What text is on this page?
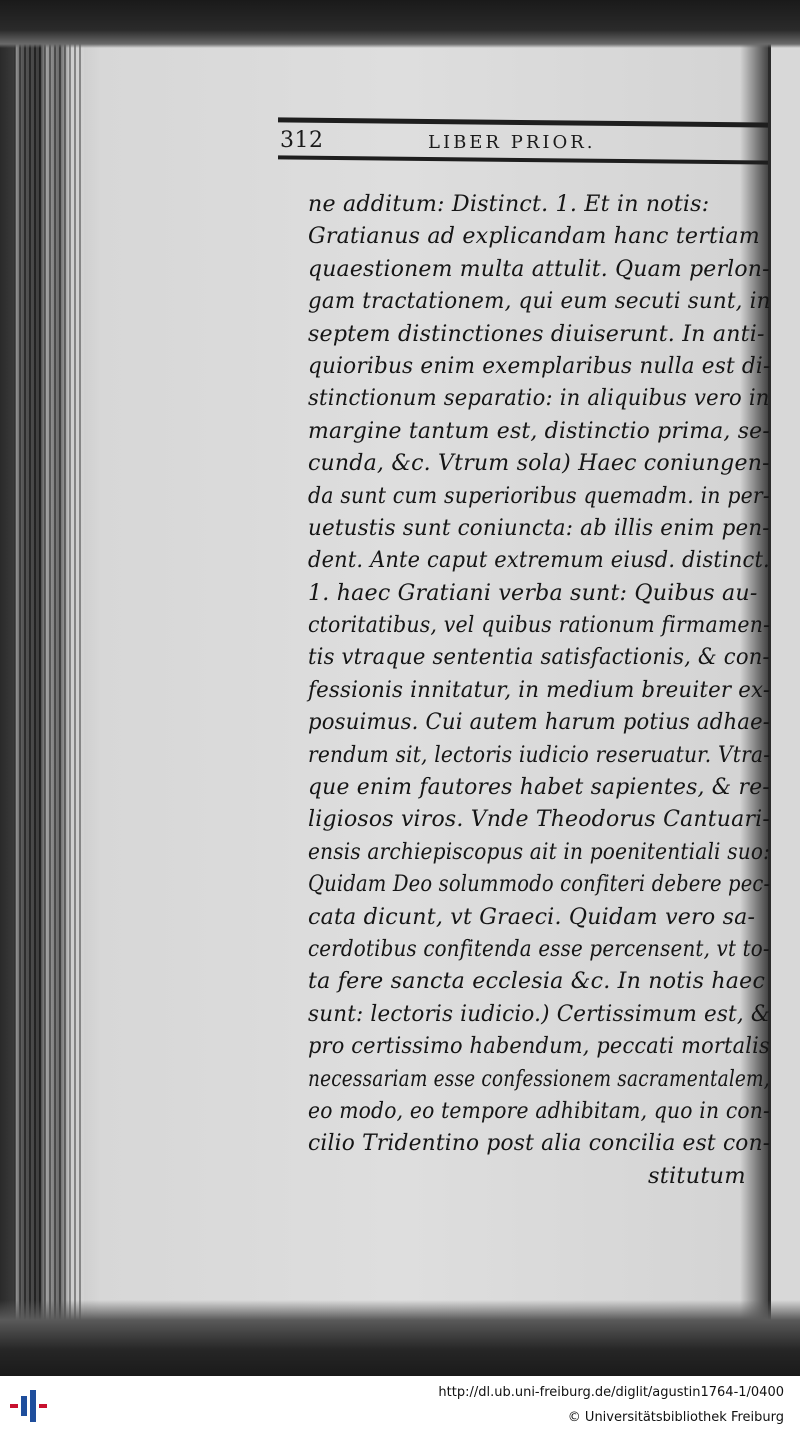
312	LIBER PRIOR.
ne additum: Distinct. 1. Et in notis:
Gratianus ad explicandam hanc tertiam
quaestionem multa attulit. Quam perlon-
gam tractationem, qui eum secuti sunt, in
septem distinctiones diuiserunt. In anti-
quioribus enim exemplaribus nulla est di-
stinctionum separatio: in aliquibus vero in
margine tantum est, distinctio prima, se-
cunda, &c. Vtrum sola) Haec coniungen-
da sunt cum superioribus quemadm. in per-
uetustis sunt coniuncta: ab illis enim pen-
dent. Ante caput extremum eiusd. distinct.
1. haec Gratiani verba sunt: Quibus au-
ctoritatibus, vel quibus rationum firmamen-
tis vtraque sententia satisfactionis, & con-
fessionis innitatur, in medium breuiter ex-
posuimus. Cui autem harum potius adhae-
rendum sit, lectoris iudicio reseruatur. Vtra-
que enim fautores habet sapientes, & re-
ligiosos viros. Vnde Theodorus Cantuari-
ensis archiepiscopus ait in poenitentiali suo:
Quidam Deo solummodo confiteri debere pec-
cata dicunt, vt Graeci. Quidam vero sa-
cerdotibus confitenda esse percensent, vt to-
ta fere sancta ecclesia &c. In notis haec
sunt: lectoris iudicio.) Certissimum est, &
pro certissimo habendum, peccati mortalis
necessariam esse confessionem sacramentalem,
eo modo, eo tempore adhibitam, quo in con-
cilio Tridentino post alia concilia est con-
stitutum
http://dl.ub.uni-freiburg.de/diglit/agustin1764-1/0400
© Universitätsbibliothek Freiburg
